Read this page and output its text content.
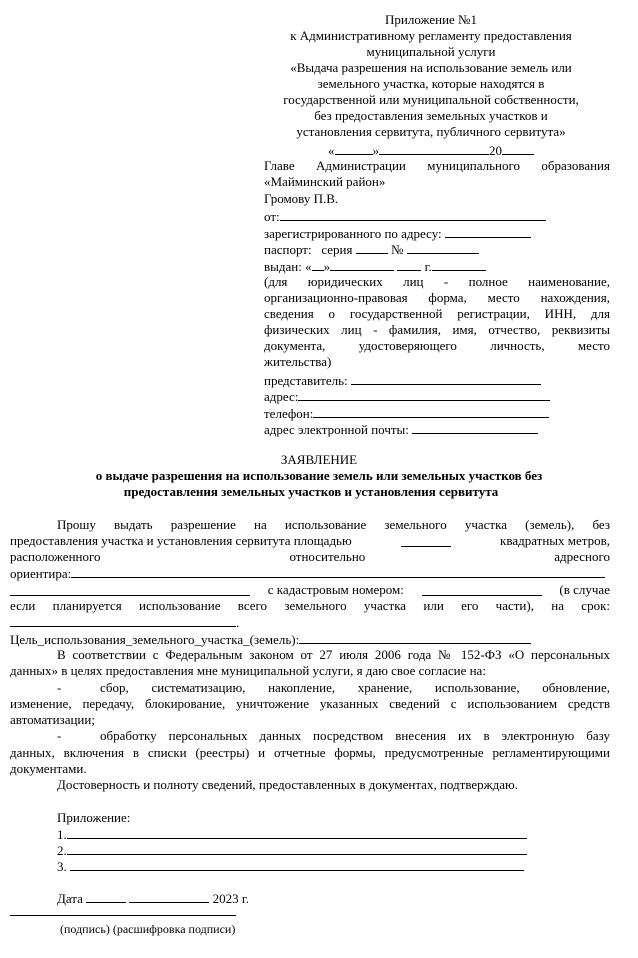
Приложение №1
к Административному регламенту предоставления
муниципальной услуги
«Выдача разрешения на использование земель или
земельного участка, которые находятся в
государственной или муниципальной собственности,
без предоставления земельных участков и
установления сервитута, публичного сервитута»
«	»	20
Главе Администрации муниципального образования
«Майминский район»
Громову П.В.
от:
зарегистрированного по адресу:
паспорт: серия	№
выдан: « »	г.
(для юридических лиц - полное наименование,
организационно-правовая форма, место нахождения,
сведения о государственной регистрации, ИНН, для
физических лиц - фамилия, имя, отчество, реквизиты
документа, удостоверяющего личность, место
жительства)
представитель:
адрес:
телефон:
адрес электронной почты:
ЗАЯВЛЕНИЕ
о выдаче разрешения на использование земель или земельных участков без
предоставления земельных участков и установления сервитута
Прошу выдать разрешение на использование земельного участка (земель), без
предоставления участка и установления сервитута площадью	квадратных метров,
расположенного	относительно	адресного
ориентира:
с кадастровым номером:	(в случае
если планируется использование всего земельного участка или его части), на срок:
.
Цель_использования_земельного_участка_(земель):
В соответствии с Федеральным законом от 27 июля 2006 года № 152-ФЗ «О персональных
данных» в целях предоставления мне муниципальной услуги, я даю свое согласие на:
-	сбор, систематизацию, накопление, хранение, использование, обновление,
изменение, передачу, блокирование, уничтожение указанных сведений с использованием средств
автоматизации;
-	обработку персональных данных посредством внесения их в электронную базу
данных, включения в списки (реестры) и отчетные формы, предусмотренные регламентирующими
документами.
Достоверность и полноту сведений, предоставленных в документах, подтверждаю.
Приложение:
1.
2.
3.
Дата	2023 г.
(подпись) (расшифровка подписи)
